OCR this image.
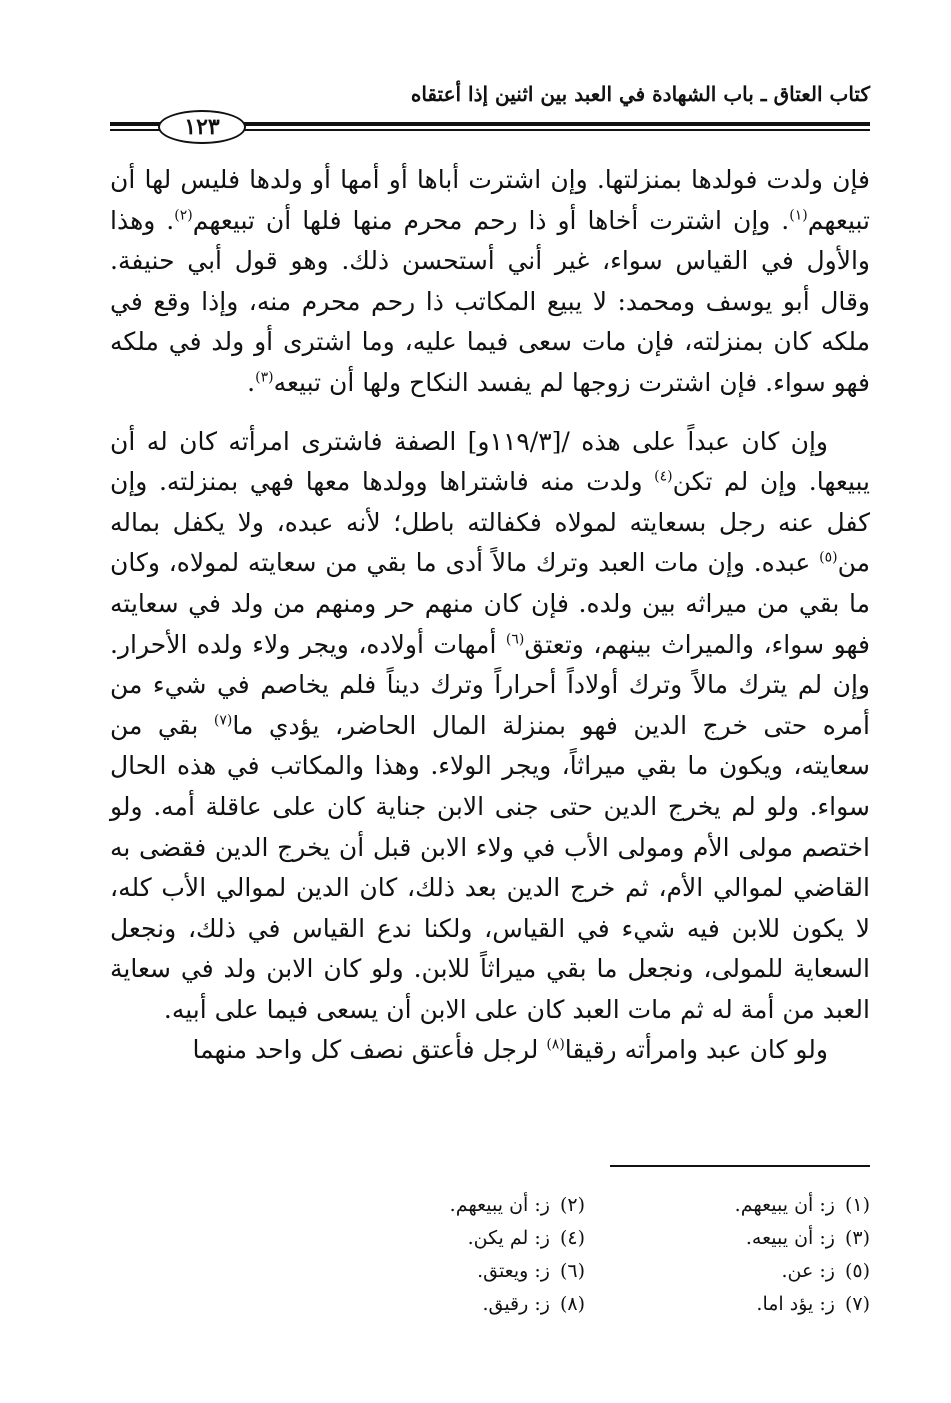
كتاب العتاق ـ باب الشهادة في العبد بين اثنين إذا أعتقاه
١٢٣

فإن ولدت فولدها بمنزلتها. وإن اشترت أباها أو أمها أو ولدها فليس لها أن تبيعهم$^{(١)}$. وإن اشترت أخاها أو ذا رحم محرم منها فلها أن تبيعهم$^{(٢)}$. وهذا والأول في القياس سواء، غير أني أستحسن ذلك. وهو قول أبي حنيفة. وقال أبو يوسف ومحمد: لا يبيع المكاتب ذا رحم محرم منه، وإذا وقع في ملكه كان بمنزلته، فإن مات سعى فيما عليه، وما اشترى أو ولد في ملكه فهو سواء. فإن اشترت زوجها لم يفسد النكاح ولها أن تبيعه$^{(٣)}$.

وإن كان عبداً على هذه /[١١٩/٣و] الصفة فاشترى امرأته كان له أن يبيعها. وإن لم تكن$^{(٤)}$ ولدت منه فاشتراها وولدها معها فهي بمنزلته. وإن كفل عنه رجل بسعايته لمولاه فكفالته باطل؛ لأنه عبده، ولا يكفل بماله من$^{(٥)}$ عبده. وإن مات العبد وترك مالاً أدى ما بقي من سعايته لمولاه، وكان ما بقي من ميراثه بين ولده. فإن كان منهم حر ومنهم من ولد في سعايته فهو سواء، والميراث بينهم، وتعتق$^{(٦)}$ أمهات أولاده، ويجر ولاء ولده الأحرار. وإن لم يترك مالاً وترك أولاداً أحراراً وترك ديناً فلم يخاصم في شيء من أمره حتى خرج الدين فهو بمنزلة المال الحاضر، يؤدي ما$^{(٧)}$ بقي من سعايته، ويكون ما بقي ميراثاً، ويجر الولاء. وهذا والمكاتب في هذه الحال سواء. ولو لم يخرج الدين حتى جنى الابن جناية كان على عاقلة أمه. ولو اختصم مولى الأم ومولى الأب في ولاء الابن قبل أن يخرج الدين فقضى به القاضي لموالي الأم، ثم خرج الدين بعد ذلك، كان الدين لموالي الأب كله، لا يكون للابن فيه شيء في القياس، ولكنا ندع القياس في ذلك، ونجعل السعاية للمولى، ونجعل ما بقي ميراثاً للابن. ولو كان الابن ولد في سعاية العبد من أمة له ثم مات العبد كان على الابن أن يسعى فيما على أبيه.

ولو كان عبد وامرأته رقيقا$^{(٨)}$ لرجل فأعتق نصف كل واحد منهما

(١)ز: أن يبيعهم.
(٢)ز: أن يبيعهم.
(٣)ز: أن يبيعه.
(٤)ز: لم يكن.
(٥)ز: عن.
(٦)ز: ويعتق.
(٧)ز: يؤد اما.
(٨)ز: رقيق.
